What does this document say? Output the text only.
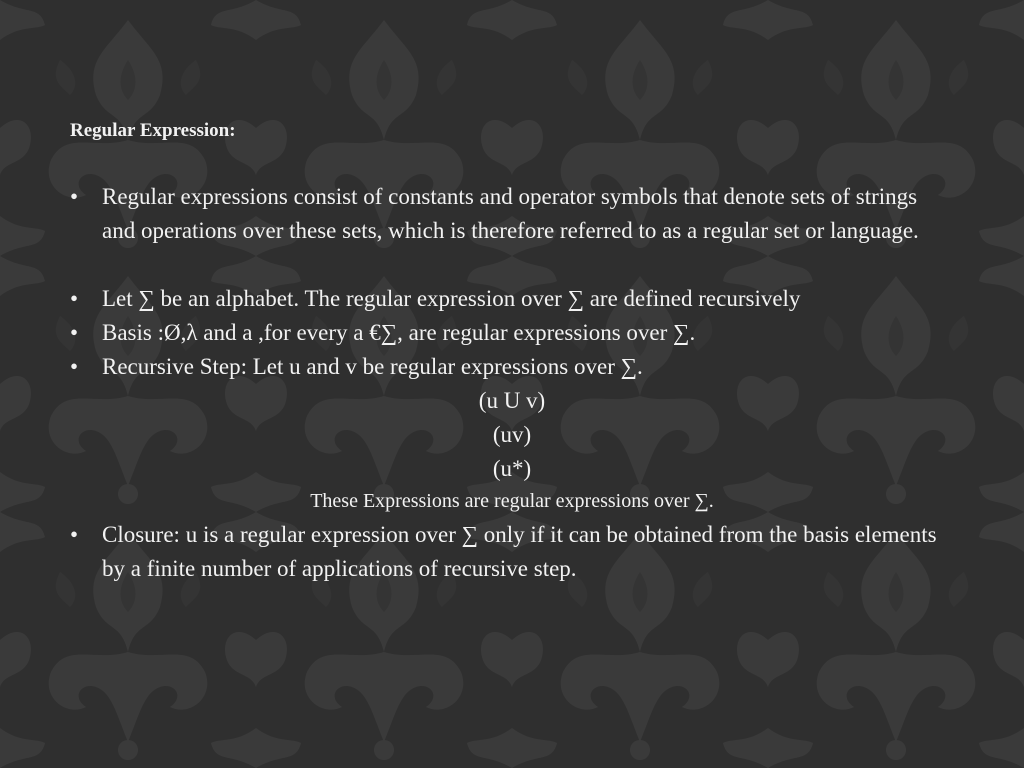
Regular Expression:
•	Regular expressions consist of constants and operator symbols that denote sets of strings and operations over these sets, which is therefore referred to as a regular set or language.
•	Let ∑ be an alphabet. The regular expression over ∑ are defined recursively
•	Basis :Ø,λ and a ,for every a €∑, are regular expressions over ∑.
•	Recursive Step: Let u and v be regular expressions over ∑.
(u U v)
(uv)
(u*)
These Expressions are regular expressions over ∑.
•	Closure: u is a regular expression over ∑ only if it can be obtained from the basis elements by a finite number of applications of recursive step.
